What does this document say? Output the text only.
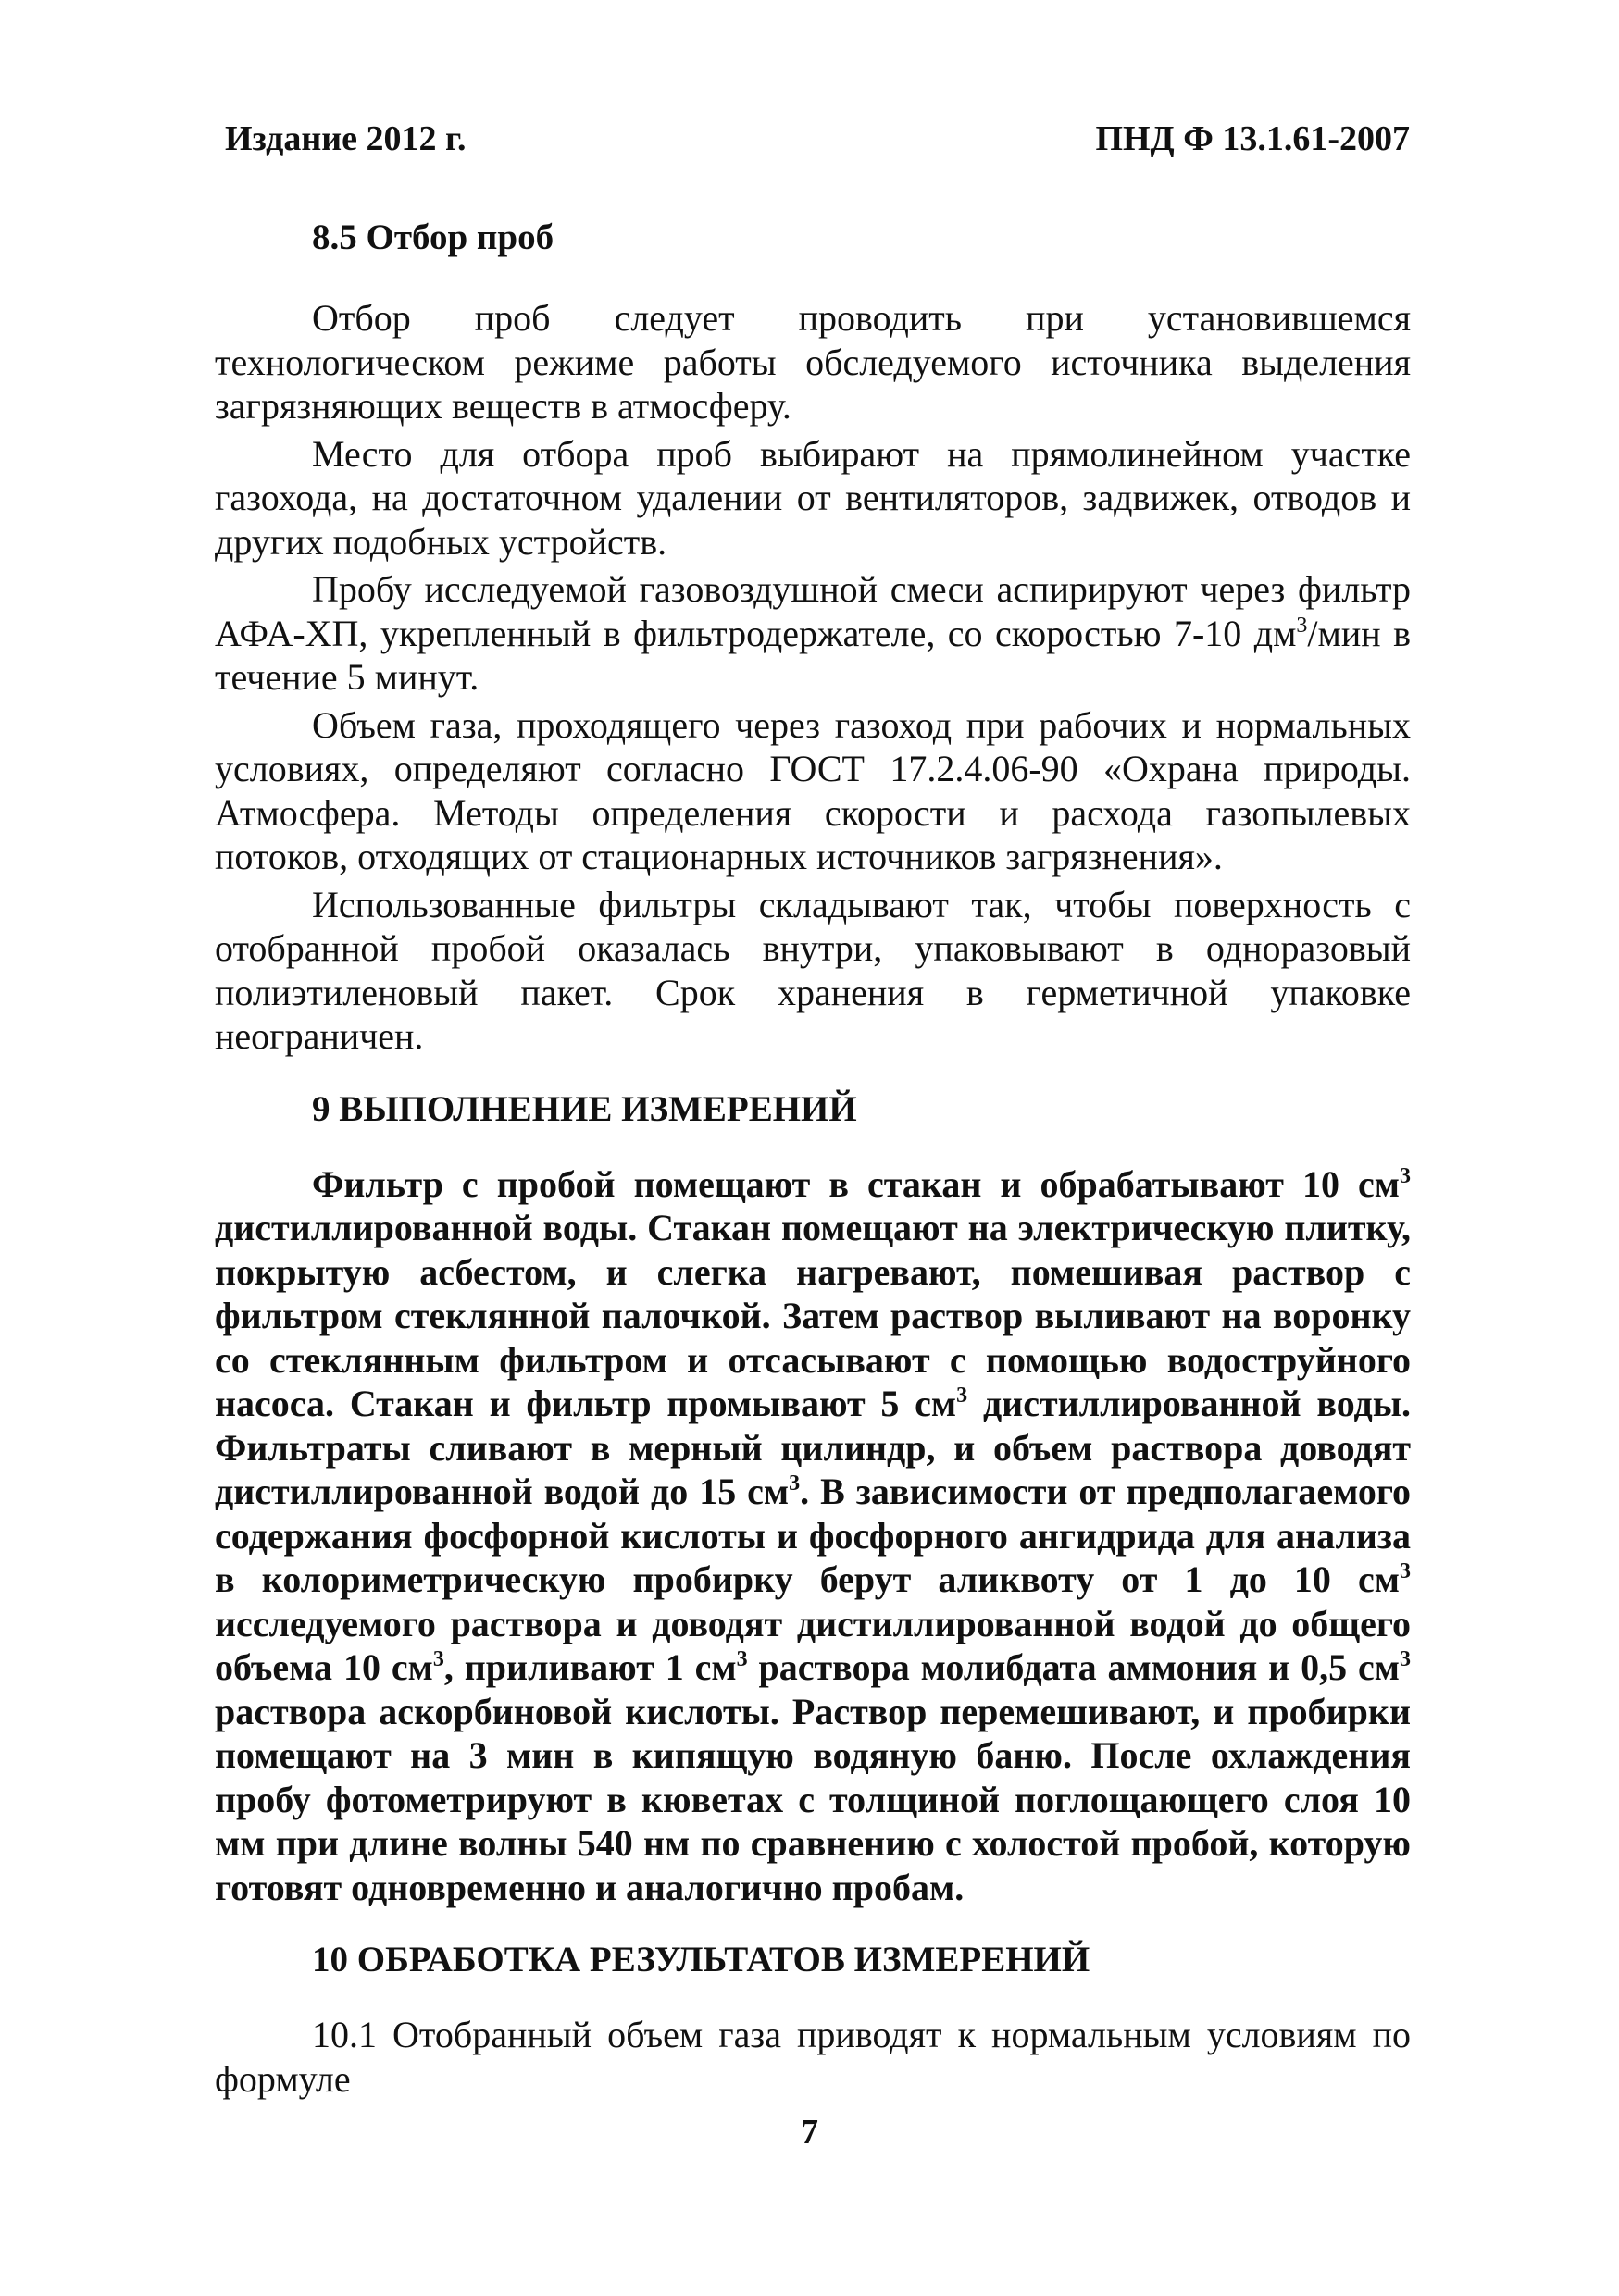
Издание 2012 г.	ПНД Ф 13.1.61-2007
8.5 Отбор проб

Отбор проб следует проводить при установившемся технологическом режиме работы обследуемого источника выделения загрязняющих веществ в атмосферу.

Место для отбора проб выбирают на прямолинейном участке газохода, на достаточном удалении от вентиляторов, задвижек, отводов и других подобных устройств.

Пробу исследуемой газовоздушной смеси аспирируют через фильтр АФА-ХП, укрепленный в фильтродержателе, со скоростью 7-10 $дм^3$/мин в течение 5 минут.

Объем газа, проходящего через газоход при рабочих и нормальных условиях, определяют согласно ГОСТ 17.2.4.06-90 «Охрана природы. Атмосфера. Методы определения скорости и расхода газопылевых потоков, отходящих от стационарных источников загрязнения».

Использованные фильтры складывают так, чтобы поверхность с отобранной пробой оказалась внутри, упаковывают в одноразовый полиэтиленовый пакет. Срок хранения в герметичной упаковке неограничен.

9 ВЫПОЛНЕНИЕ ИЗМЕРЕНИЙ

Фильтр с пробой помещают в стакан и обрабатывают 10 $см^3$ дистиллированной воды. Стакан помещают на электрическую плитку, покрытую асбестом, и слегка нагревают, помешивая раствор с фильтром стеклянной палочкой. Затем раствор выливают на воронку со стеклянным фильтром и отсасывают с помощью водоструйного насоса. Стакан и фильтр промывают 5 $см^3$ дистиллированной воды. Фильтраты сливают в мерный цилиндр, и объем раствора доводят дистиллированной водой до 15 $см^3$. В зависимости от предполагаемого содержания фосфорной кислоты и фосфорного ангидрида для анализа в колориметрическую пробирку берут аликвоту от 1 до 10 $см^3$ исследуемого раствора и доводят дистиллированной водой до общего объема 10 $см^3$, приливают 1 $см^3$ раствора молибдата аммония и 0,5 $см^3$ раствора аскорбиновой кислоты. Раствор перемешивают, и пробирки помещают на 3 мин в кипящую водяную баню. После охлаждения пробу фотометрируют в кюветах с толщиной поглощающего слоя 10 мм при длине волны 540 нм по сравнению с холостой пробой, которую готовят одновременно и аналогично пробам.

10 ОБРАБОТКА РЕЗУЛЬТАТОВ ИЗМЕРЕНИЙ

10.1 Отобранный объем газа приводят к нормальным условиям по формуле

7
